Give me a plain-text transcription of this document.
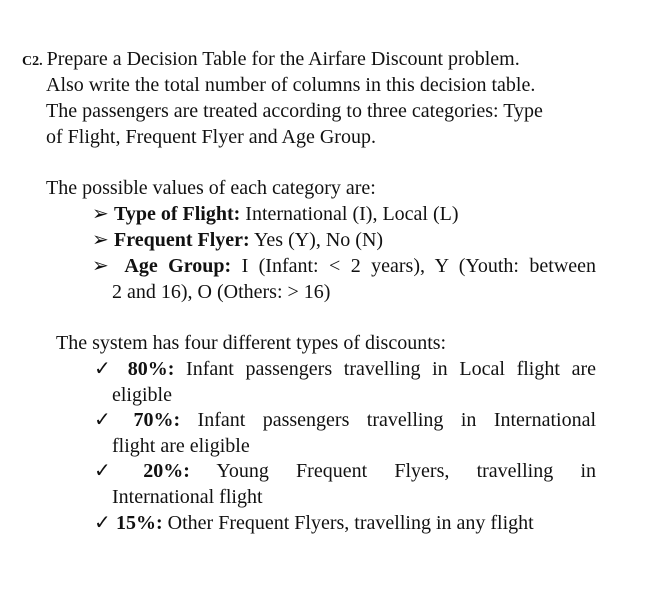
C2. Prepare a Decision Table for the Airfare Discount problem.
Also write the total number of columns in this decision table.
The passengers are treated according to three categories: Type
of Flight, Frequent Flyer and Age Group.
The possible values of each category are:
➢ Type of Flight: International (I), Local (L)
➢ Frequent Flyer: Yes (Y), No (N)
➢ Age Group: I (Infant: < 2 years), Y (Youth: between
2 and 16), O (Others: > 16)
The system has four different types of discounts:
✓ 80%: Infant passengers travelling in Local flight are
eligible
✓ 70%: Infant passengers travelling in International
flight are eligible
✓ 20%: Young Frequent Flyers, travelling in
International flight
✓ 15%: Other Frequent Flyers, travelling in any flight
